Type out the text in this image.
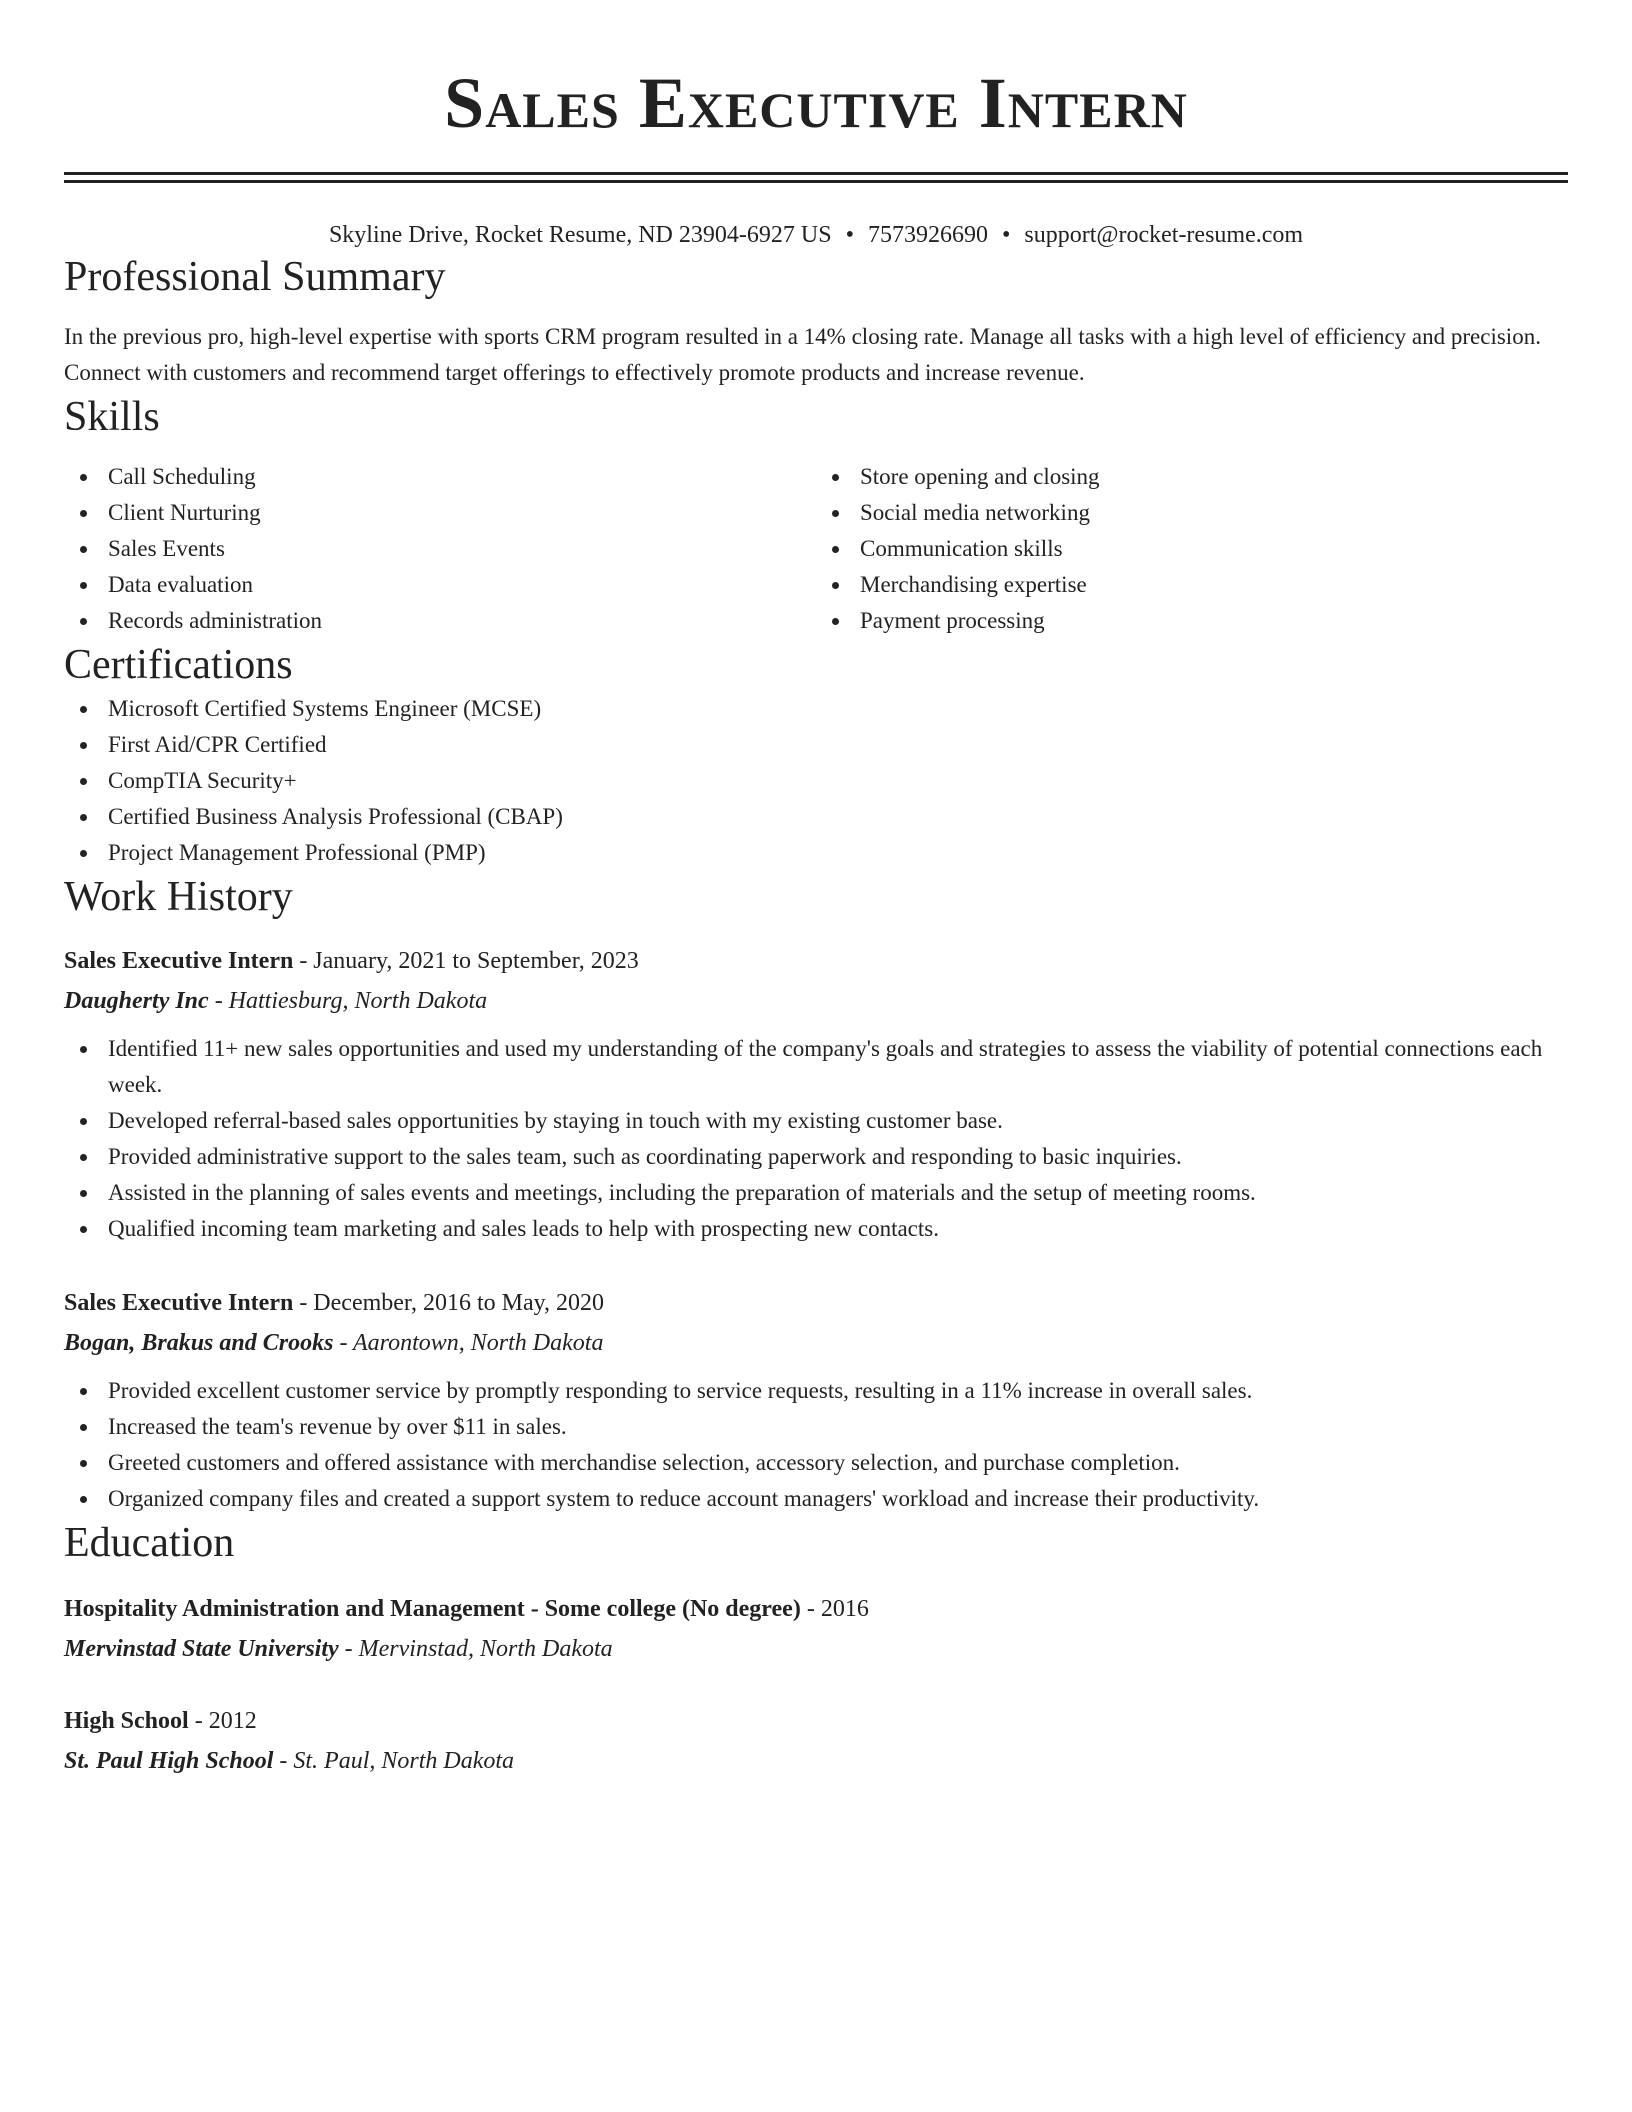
Sales Executive Intern
Skyline Drive, Rocket Resume, ND 23904-6927 US • 7573926690 • support@rocket-resume.com
Professional Summary

In the previous pro, high-level expertise with sports CRM program resulted in a 14% closing rate. Manage all tasks with a high level of efficiency and precision. Connect with customers and recommend target offerings to effectively promote products and increase revenue.

Skills
Call Scheduling
Client Nurturing
Sales Events
Data evaluation
Records administration
Store opening and closing
Social media networking
Communication skills
Merchandising expertise
Payment processing
Certifications
Microsoft Certified Systems Engineer (MCSE)
First Aid/CPR Certified
CompTIA Security+
Certified Business Analysis Professional (CBAP)
Project Management Professional (PMP)
Work History
Sales Executive Intern - January, 2021 to September, 2023
Daugherty Inc - Hattiesburg, North Dakota
Identified 11+ new sales opportunities and used my understanding of the company's goals and strategies to assess the viability of potential connections each week.
Developed referral-based sales opportunities by staying in touch with my existing customer base.
Provided administrative support to the sales team, such as coordinating paperwork and responding to basic inquiries.
Assisted in the planning of sales events and meetings, including the preparation of materials and the setup of meeting rooms.
Qualified incoming team marketing and sales leads to help with prospecting new contacts.
Sales Executive Intern - December, 2016 to May, 2020
Bogan, Brakus and Crooks - Aarontown, North Dakota
Provided excellent customer service by promptly responding to service requests, resulting in a 11% increase in overall sales.
Increased the team's revenue by over $11 in sales.
Greeted customers and offered assistance with merchandise selection, accessory selection, and purchase completion.
Organized company files and created a support system to reduce account managers' workload and increase their productivity.
Education
Hospitality Administration and Management - Some college (No degree) - 2016
Mervinstad State University - Mervinstad, North Dakota
High School - 2012
St. Paul High School - St. Paul, North Dakota
